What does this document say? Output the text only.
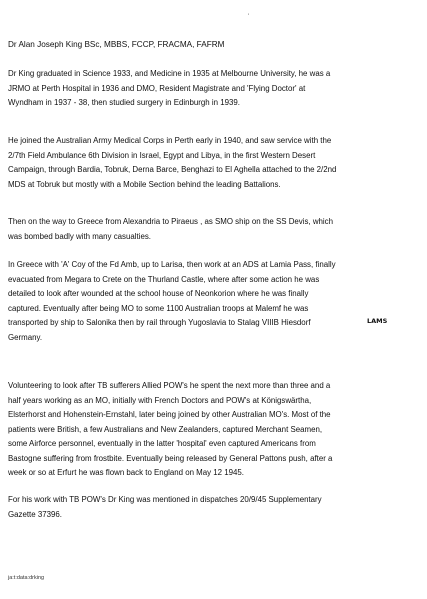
'
Dr Alan Joseph King BSc, MBBS, FCCP, FRACMA, FAFRM
Dr King graduated in Science 1933, and Medicine in 1935 at Melbourne University, he was a
JRMO at Perth Hospital in 1936 and DMO, Resident Magistrate and 'Flying Doctor' at
Wyndham in 1937 - 38, then studied surgery in Edinburgh in 1939.
He joined the Australian Army Medical Corps in Perth early in 1940, and saw service with the
2/7th Field Ambulance 6th Division in Israel, Egypt and Libya, in the first Western Desert
Campaign, through Bardia, Tobruk, Derna Barce, Benghazi to El Aghella attached to the 2/2nd
MDS at Tobruk but mostly with a Mobile Section behind the leading Battalions.
Then on the way to Greece from Alexandria to Piraeus , as SMO ship on the SS Devis, which
was bombed badly with many casualties.
In Greece with 'A' Coy of the Fd Amb, up to Larisa, then work at an ADS at Lamia Pass, finally
evacuated from Megara to Crete on the Thurland Castle, where after some action he was
detailed to look after wounded at the school house of Neonkorion where he was finally
captured. Eventually after being MO to some 1100 Australian troops at Malemf he was
transported by ship to Salonika then by rail through Yugoslavia to Stalag VIIIB Hiesdorf
Germany.
LAMS
Volunteering to look after TB sufferers Allied POW's he spent the next more than three and a
half years working as an MO, initially with French Doctors and POW's at Königswärtha,
Elsterhorst and Hohenstein-Ernstahl, later being joined by other Australian MO's. Most of the
patients were British, a few Australians and New Zealanders, captured Merchant Seamen,
some Airforce personnel, eventually in the latter 'hospital' even captured Americans from
Bastogne suffering from frostbite. Eventually being released by General Pattons push, after a
week or so at Erfurt he was flown back to England on May 12 1945.
For his work with TB POW's Dr King was mentioned in dispatches 20/9/45 Supplementary
Gazette 37396.
ja:t:data:drking
